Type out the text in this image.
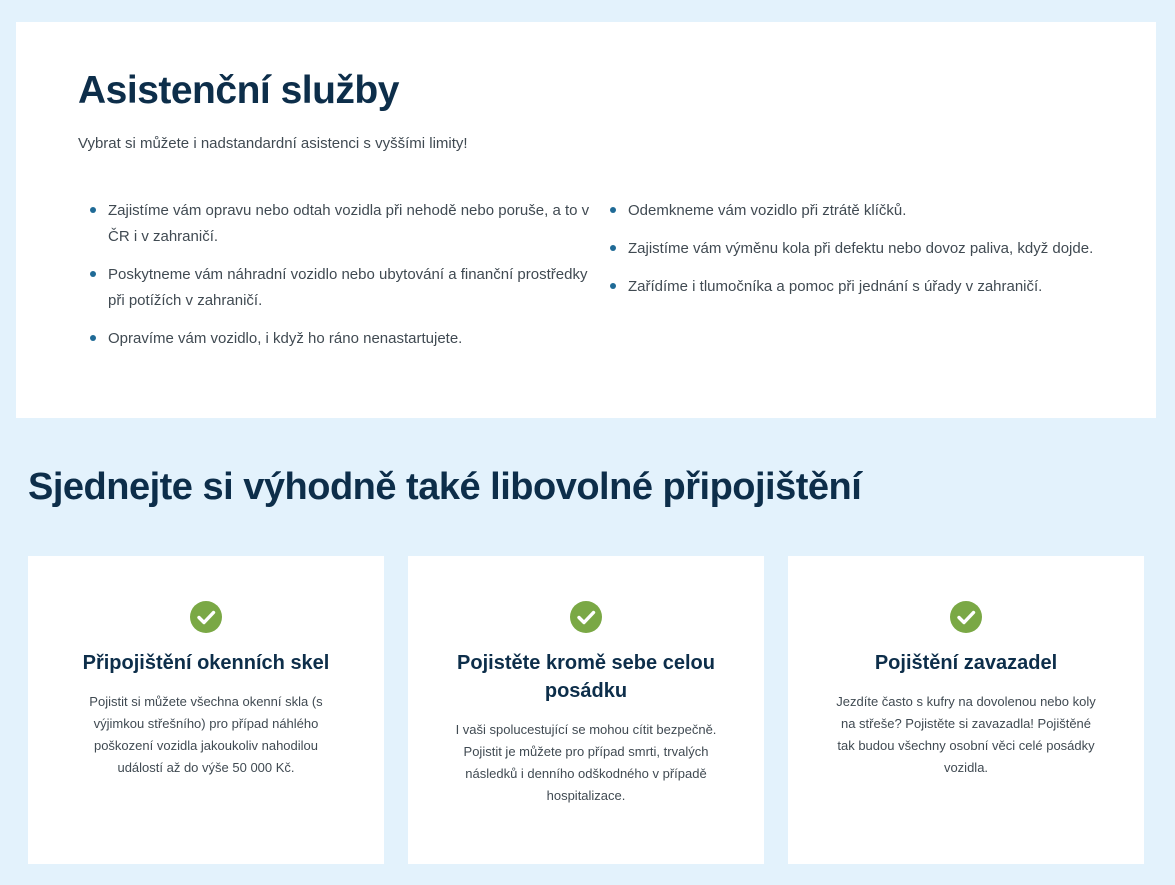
Asistenční služby

Vybrat si můžete i nadstandardní asistenci s vyššími limity!

Zajistíme vám opravu nebo odtah vozidla při nehodě nebo poruše, a to v ČR i v zahraničí.
Poskytneme vám náhradní vozidlo nebo ubytování a finanční prostředky při potížích v zahraničí.
Opravíme vám vozidlo, i když ho ráno nenastartujete.
Odemkneme vám vozidlo při ztrátě klíčků.
Zajistíme vám výměnu kola při defektu nebo dovoz paliva, když dojde.
Zařídíme i tlumočníka a pomoc při jednání s úřady v zahraničí.
Sjednejte si výhodně také libovolné připojištění
Připojištění okenních skel

Pojistit si můžete všechna okenní skla (s výjimkou střešního) pro případ náhlého poškození vozidla jakoukoliv nahodilou událostí až do výše 50 000 Kč.

Pojistěte kromě sebe celou posádku

I vaši spolucestující se mohou cítit bezpečně. Pojistit je můžete pro případ smrti, trvalých následků i denního odškodného v případě hospitalizace.

Pojištění zavazadel

Jezdíte často s kufry na dovolenou nebo koly na střeše? Pojistěte si zavazadla! Pojištěné tak budou všechny osobní věci celé posádky vozidla.
